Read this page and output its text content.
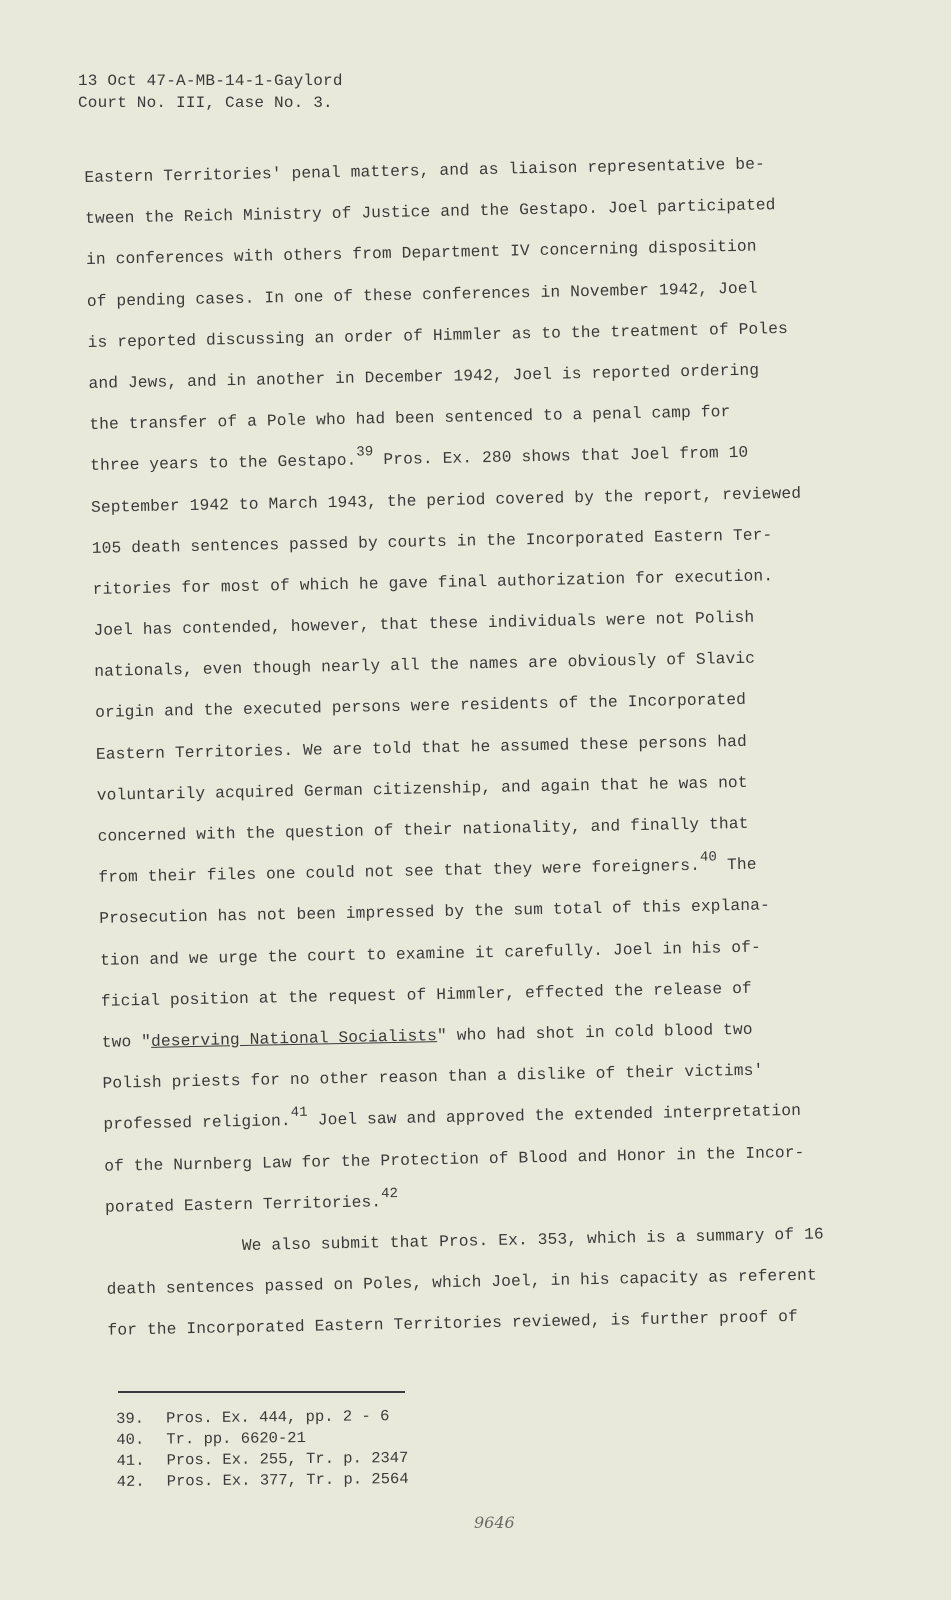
13 Oct 47-A-MB-14-1-Gaylord
Court No. III, Case No. 3.
Eastern Territories' penal matters, and as liaison representative be-
tween the Reich Ministry of Justice and the Gestapo. Joel participated
in conferences with others from Department IV concerning disposition
of pending cases. In one of these conferences in November 1942, Joel
is reported discussing an order of Himmler as to the treatment of Poles
and Jews, and in another in December 1942, Joel is reported ordering
the transfer of a Pole who had been sentenced to a penal camp for
three years to the Gestapo.$^{39}$ Pros. Ex. 280 shows that Joel from 10
September 1942 to March 1943, the period covered by the report, reviewed
105 death sentences passed by courts in the Incorporated Eastern Ter-
ritories for most of which he gave final authorization for execution.
Joel has contended, however, that these individuals were not Polish
nationals, even though nearly all the names are obviously of Slavic
origin and the executed persons were residents of the Incorporated
Eastern Territories. We are told that he assumed these persons had
voluntarily acquired German citizenship, and again that he was not
concerned with the question of their nationality, and finally that
from their files one could not see that they were foreigners.$^{40}$ The
Prosecution has not been impressed by the sum total of this explana-
tion and we urge the court to examine it carefully. Joel in his of-
ficial position at the request of Himmler, effected the release of
two "deserving National Socialists" who had shot in cold blood two
Polish priests for no other reason than a dislike of their victims'
professed religion.$^{41}$ Joel saw and approved the extended interpretation
of the Nurnberg Law for the Protection of Blood and Honor in the Incor-
porated Eastern Territories.$^{42}$
We also submit that Pros. Ex. 353, which is a summary of 16
death sentences passed on Poles, which Joel, in his capacity as referent
for the Incorporated Eastern Territories reviewed, is further proof of
39. Pros. Ex. 444, pp. 2 - 6
40. Tr. pp. 6620-21
41. Pros. Ex. 255, Tr. p. 2347
42. Pros. Ex. 377, Tr. p. 2564
9646
